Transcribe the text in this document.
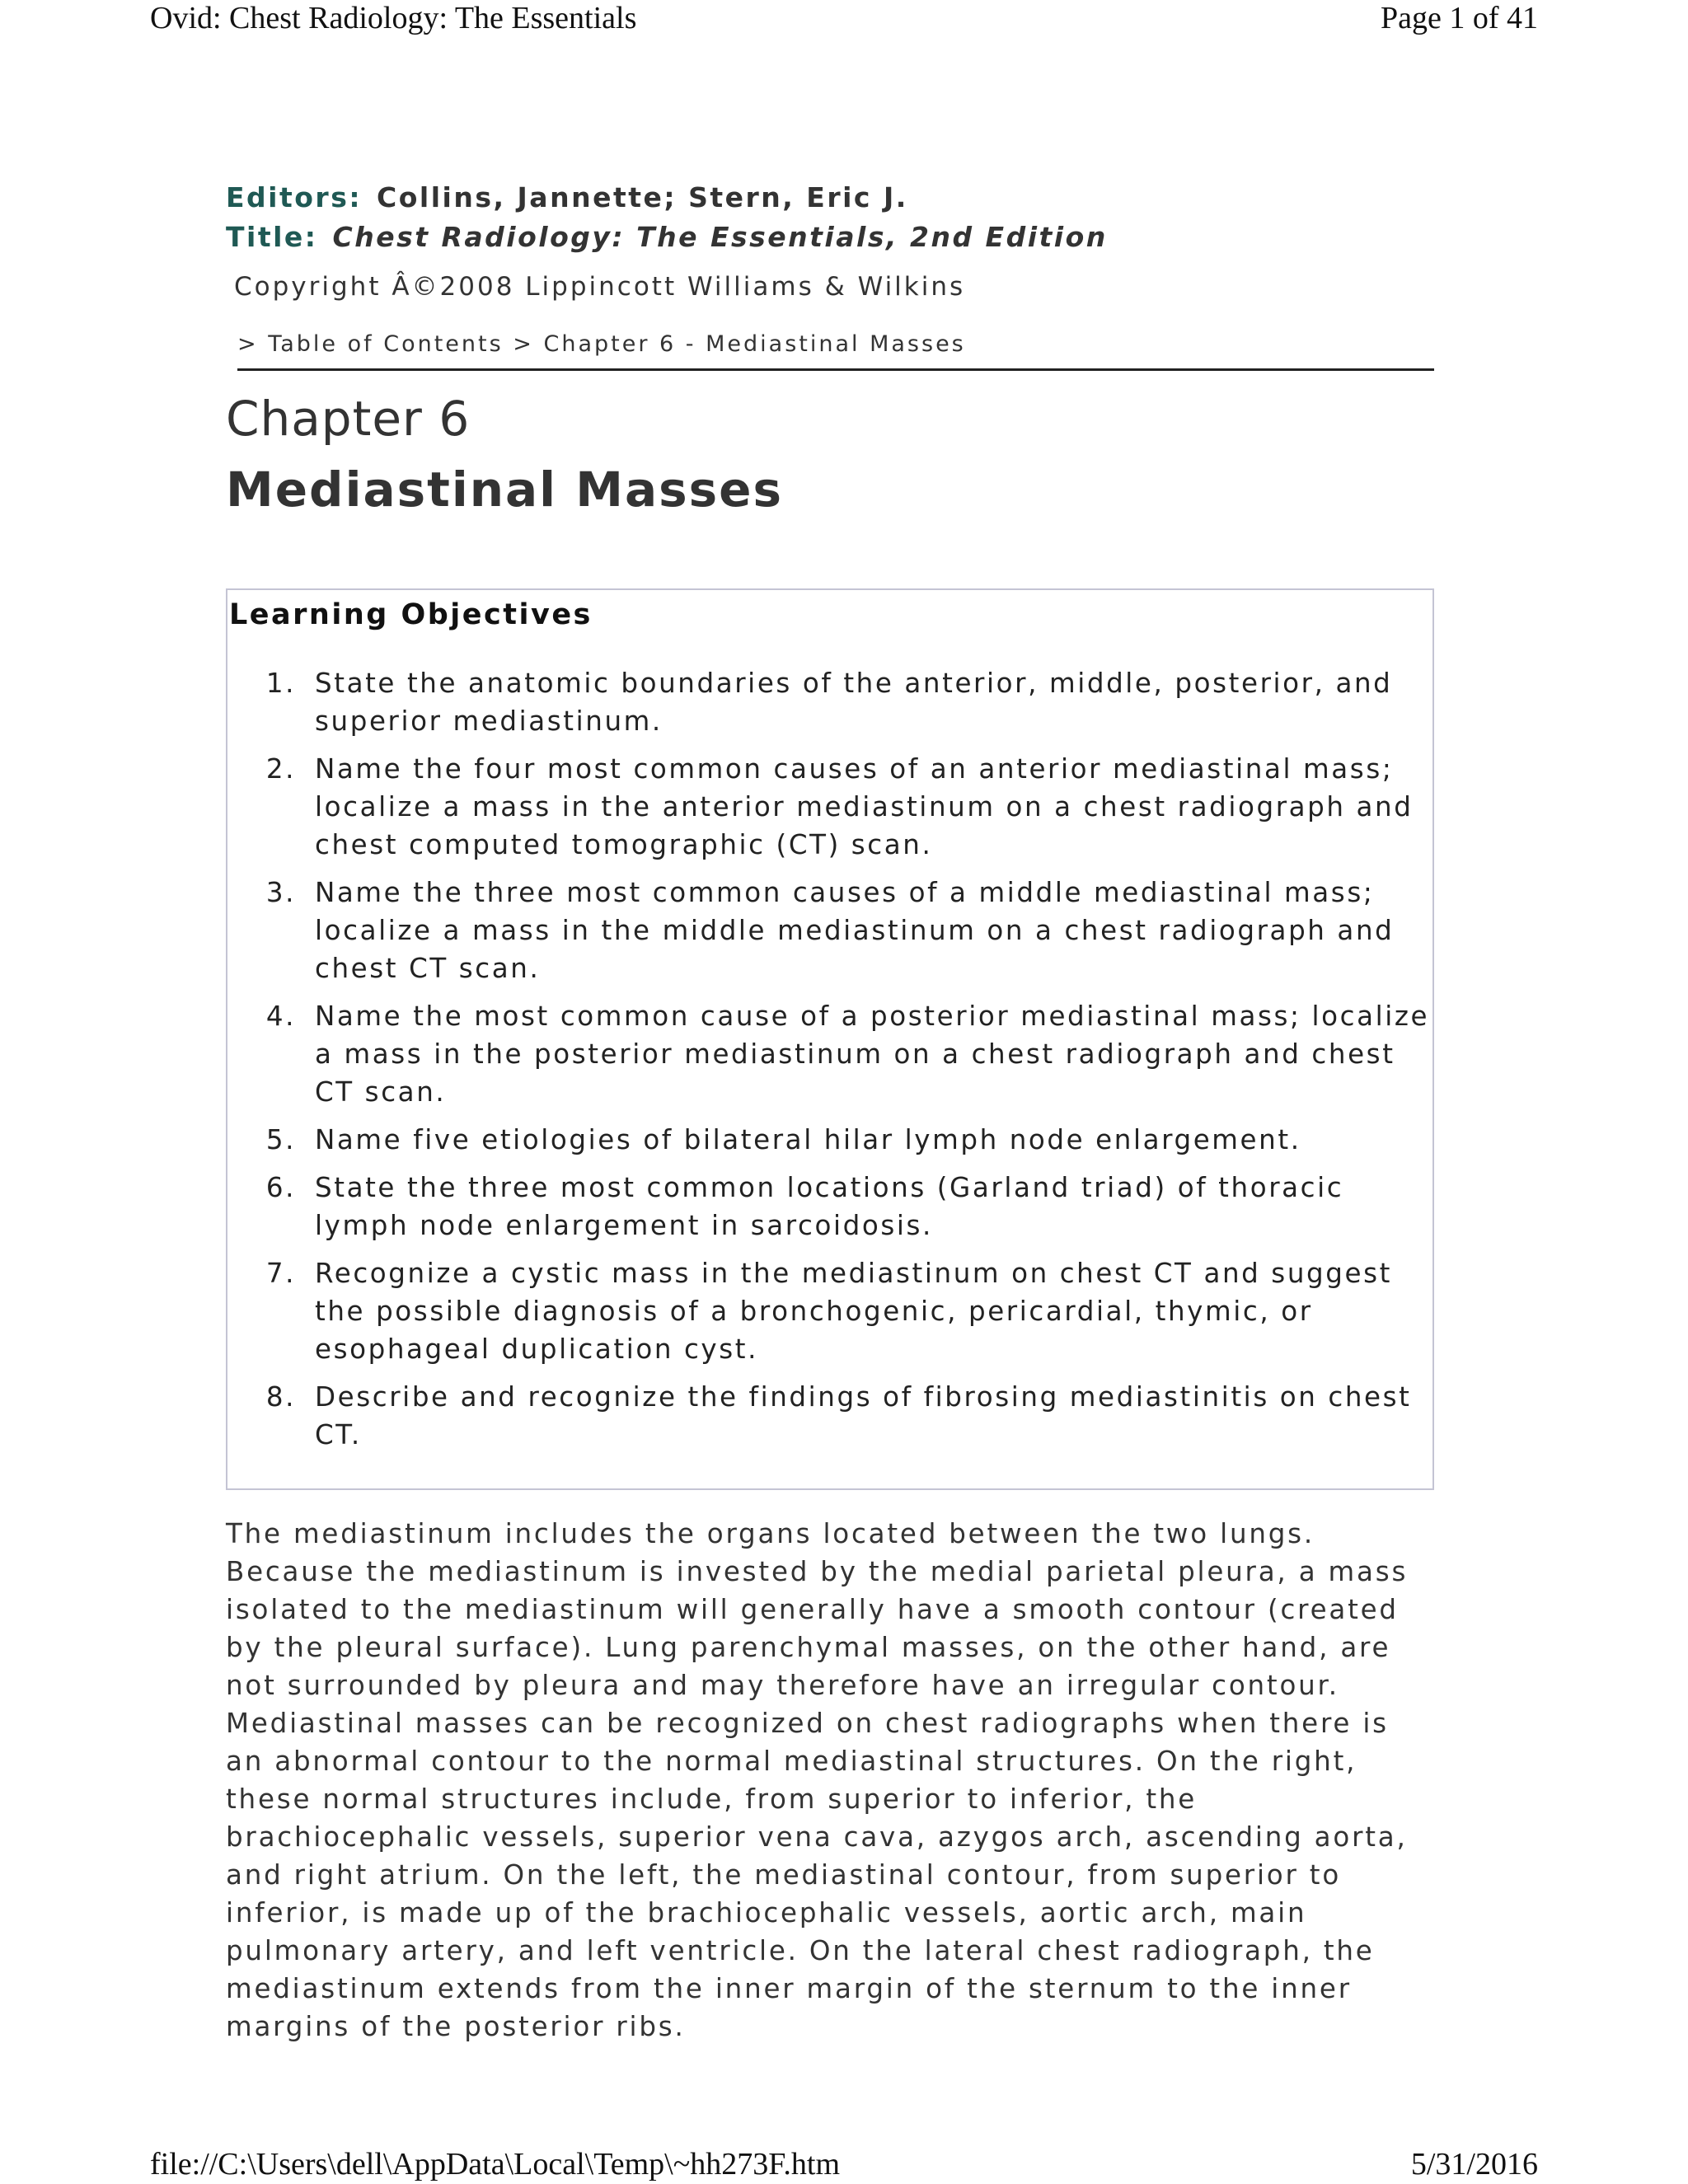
Ovid: Chest Radiology: The Essentials	Page 1 of 41
Editors: Collins, Jannette; Stern, Eric J.
Title: Chest Radiology: The Essentials, 2nd Edition
Copyright Â©2008 Lippincott Williams & Wilkins
> Table of Contents > Chapter 6 - Mediastinal Masses
Chapter 6
Mediastinal Masses
Learning Objectives
1. State the anatomic boundaries of the anterior, middle, posterior, and superior mediastinum.
2. Name the four most common causes of an anterior mediastinal mass; localize a mass in the anterior mediastinum on a chest radiograph and chest computed tomographic (CT) scan.
3. Name the three most common causes of a middle mediastinal mass; localize a mass in the middle mediastinum on a chest radiograph and chest CT scan.
4. Name the most common cause of a posterior mediastinal mass; localize a mass in the posterior mediastinum on a chest radiograph and chest CT scan.
5. Name five etiologies of bilateral hilar lymph node enlargement.
6. State the three most common locations (Garland triad) of thoracic lymph node enlargement in sarcoidosis.
7. Recognize a cystic mass in the mediastinum on chest CT and suggest the possible diagnosis of a bronchogenic, pericardial, thymic, or esophageal duplication cyst.
8. Describe and recognize the findings of fibrosing mediastinitis on chest CT.

The mediastinum includes the organs located between the two lungs. Because the mediastinum is invested by the medial parietal pleura, a mass isolated to the mediastinum will generally have a smooth contour (created by the pleural surface). Lung parenchymal masses, on the other hand, are not surrounded by pleura and may therefore have an irregular contour. Mediastinal masses can be recognized on chest radiographs when there is an abnormal contour to the normal mediastinal structures. On the right, these normal structures include, from superior to inferior, the brachiocephalic vessels, superior vena cava, azygos arch, ascending aorta, and right atrium. On the left, the mediastinal contour, from superior to inferior, is made up of the brachiocephalic vessels, aortic arch, main pulmonary artery, and left ventricle. On the lateral chest radiograph, the mediastinum extends from the inner margin of the sternum to the inner margins of the posterior ribs.

file://C:\Users\dell\AppData\Local\Temp\~hh273F.htm	5/31/2016
